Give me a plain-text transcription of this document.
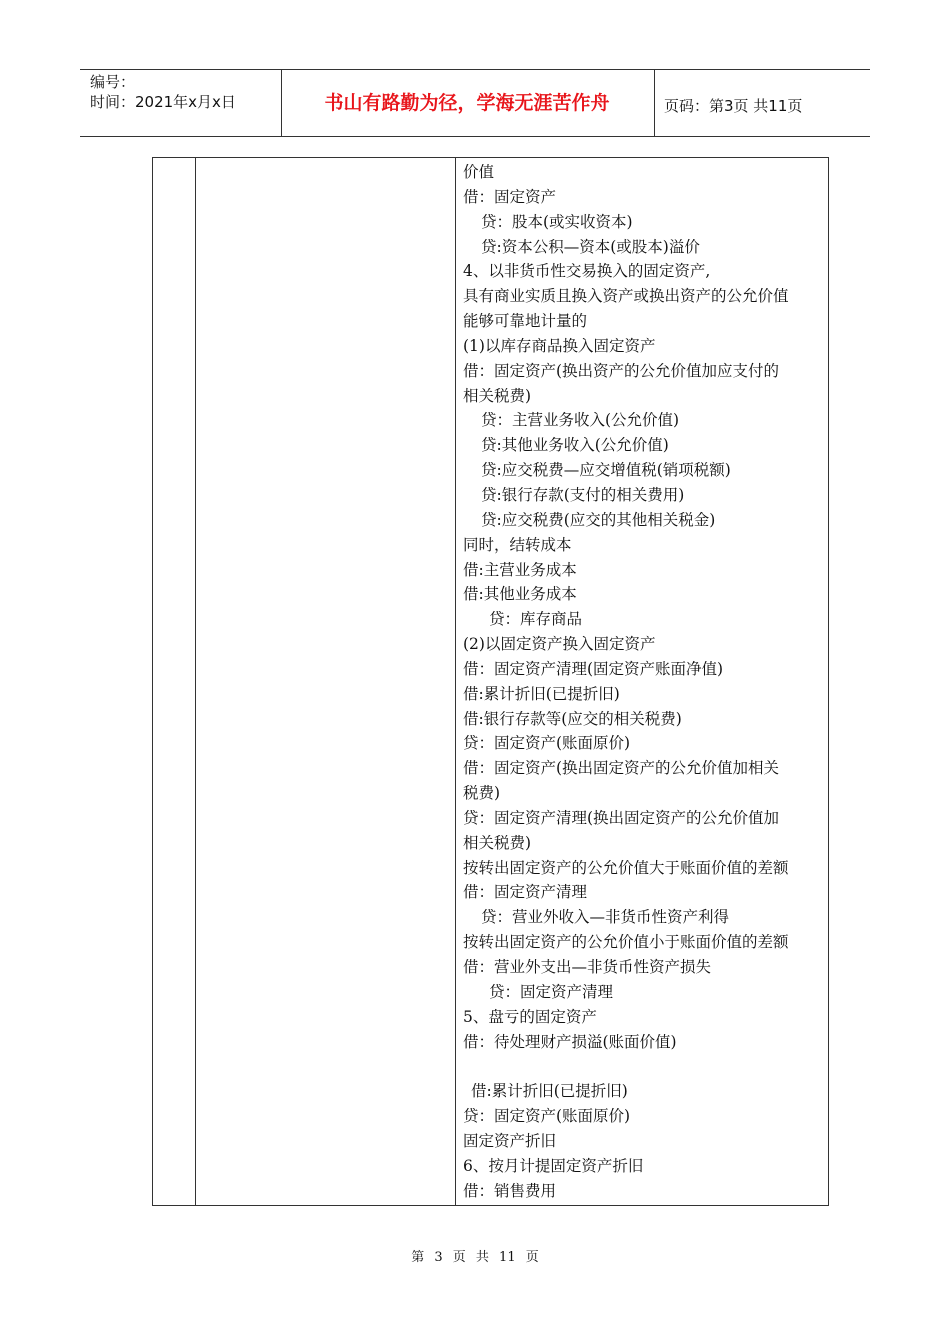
编号：
时间：2021年x月x日	书山有路勤为径，学海无涯苦作舟	页码：第3页 共11页
价值
借：固定资产
贷：股本(或实收资本)
贷:资本公积—资本(或股本)溢价
4、以非货币性交易换入的固定资产,
具有商业实质且换入资产或换出资产的公允价值
能够可靠地计量的
(1)以库存商品换入固定资产
借：固定资产(换出资产的公允价值加应支付的
相关税费)
贷：主营业务收入(公允价值)
贷:其他业务收入(公允价值)
贷:应交税费—应交增值税(销项税额)
贷:银行存款(支付的相关费用)
贷:应交税费(应交的其他相关税金)
同时，结转成本
借:主营业务成本
借:其他业务成本
贷：库存商品
(2)以固定资产换入固定资产
借：固定资产清理(固定资产账面净值)
借:累计折旧(已提折旧)
借:银行存款等(应交的相关税费)
贷：固定资产(账面原价)
借：固定资产(换出固定资产的公允价值加相关
税费)
贷：固定资产清理(换出固定资产的公允价值加
相关税费)
按转出固定资产的公允价值大于账面价值的差额
借：固定资产清理
贷：营业外收入—非货币性资产利得
按转出固定资产的公允价值小于账面价值的差额
借：营业外支出—非货币性资产损失
贷：固定资产清理
5、盘亏的固定资产
借：待处理财产损溢(账面价值)
借:累计折旧(已提折旧)
贷：固定资产(账面原价)
固定资产折旧
6、按月计提固定资产折旧
借：销售费用
第 3 页 共 11 页
